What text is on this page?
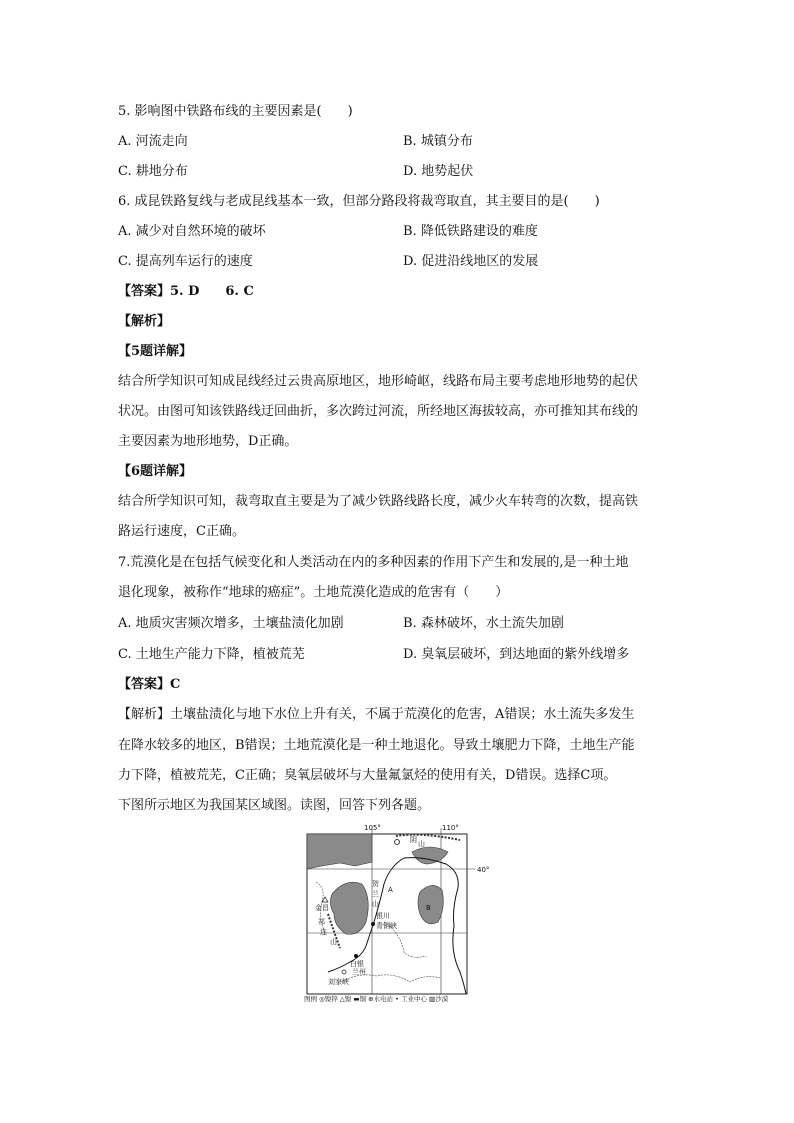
5. 影响图中铁路布线的主要因素是(　　)
A. 河流走向	B. 城镇分布
C. 耕地分布	D. 地势起伏
6. 成昆铁路复线与老成昆线基本一致，但部分路段将裁弯取直，其主要目的是(　　)
A. 减少对自然环境的破坏	B. 降低铁路建设的难度
C. 提高列车运行的速度	D. 促进沿线地区的发展
【答案】5. D　　6. C
【解析】
【5题详解】
结合所学知识可知成昆线经过云贵高原地区，地形崎岖，线路布局主要考虑地形地势的起伏
状况。由图可知该铁路线迂回曲折，多次跨过河流，所经地区海拔较高，亦可推知其布线的
主要因素为地形地势，D正确。
【6题详解】
结合所学知识可知，裁弯取直主要是为了减少铁路线路长度，减少火车转弯的次数，提高铁
路运行速度，C正确。
7.荒漠化是在包括气候变化和人类活动在内的多种因素的作用下产生和发展的,是一种土地
退化现象，被称作“地球的癌症”。土地荒漠化造成的危害有（　　）
A. 地质灾害频次增多，土壤盐渍化加剧	B. 森林破坏，水土流失加剧
C. 土地生产能力下降，植被荒芜	D. 臭氧层破坏，到达地面的紫外线增多
【答案】C
【解析】土壤盐渍化与地下水位上升有关，不属于荒漠化的危害，A错误；水土流失多发生
在降水较多的地区，B错误；土地荒漠化是一种土地退化。导致土壤肥力下降，土地生产能
力下降，植被荒芜，C正确；臭氧层破坏与大量氟氯烃的使用有关，D错误。选择C项。
下图所示地区为我国某区域图。读图，回答下列各题。
105°	110°
40°
A
B
阴 山
贺
兰
山
金昌
祁
连
山
银川
青铜峡
白银
兰州
刘家峡
图例 ◎镍锌 △镍 ▬铜 ⊕水电站 • 工业中心 ▨沙漠
